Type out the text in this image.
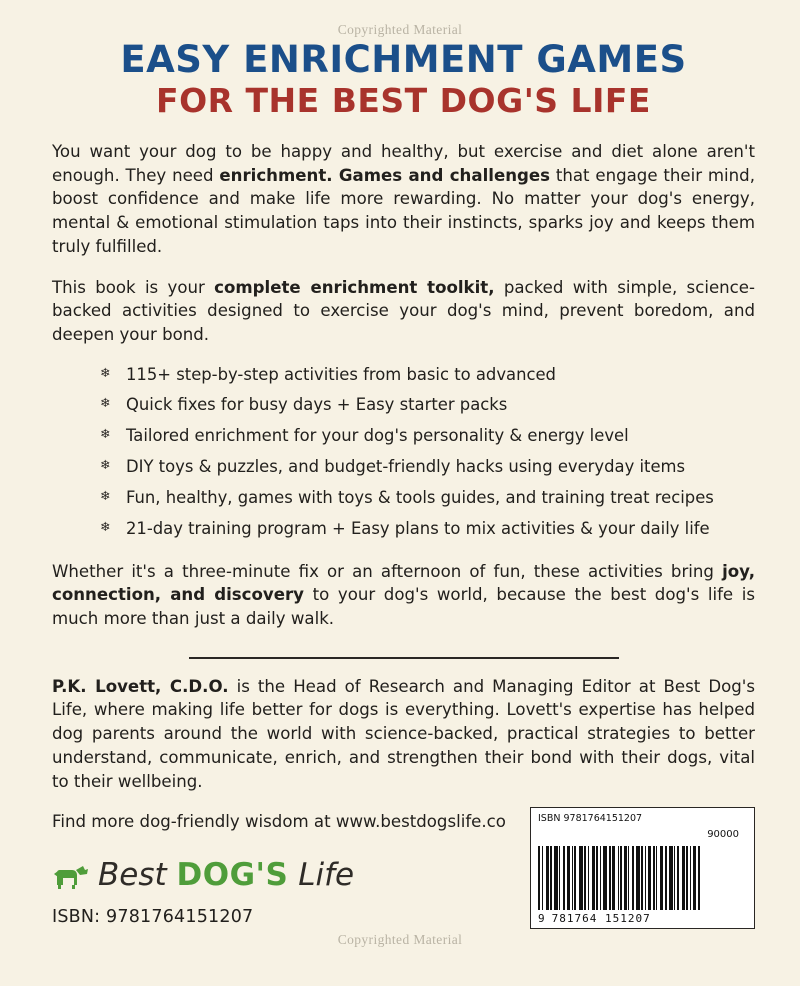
Copyrighted Material
Copyrighted Material
EASY ENRICHMENT GAMES
FOR THE BEST DOG'S LIFE

You want your dog to be happy and healthy, but exercise and diet alone aren't enough. They need enrichment. Games and challenges that engage their mind, boost confidence and make life more rewarding. No matter your dog's energy, mental & emotional stimulation taps into their instincts, sparks joy and keeps them truly fulfilled.

This book is your complete enrichment toolkit, packed with simple, science-backed activities designed to exercise your dog's mind, prevent boredom, and deepen your bond.

❄ 115+ step-by-step activities from basic to advanced
❄ Quick fixes for busy days + Easy starter packs
❄ Tailored enrichment for your dog's personality & energy level
❄ DIY toys & puzzles, and budget-friendly hacks using everyday items
❄ Fun, healthy, games with toys & tools guides, and training treat recipes
❄ 21-day training program + Easy plans to mix activities & your daily life

Whether it's a three-minute fix or an afternoon of fun, these activities bring joy, connection, and discovery to your dog's world, because the best dog's life is much more than just a daily walk.

P.K. Lovett, C.D.O. is the Head of Research and Managing Editor at Best Dog's Life, where making life better for dogs is everything. Lovett's expertise has helped dog parents around the world with science-backed, practical strategies to better understand, communicate, enrich, and strengthen their bond with their dogs, vital to their wellbeing.

Find more dog-friendly wisdom at www.bestdogslife.co

Best DOG'S Life
ISBN: 9781764151207
ISBN 9781764151207
90000
9 781764 151207
